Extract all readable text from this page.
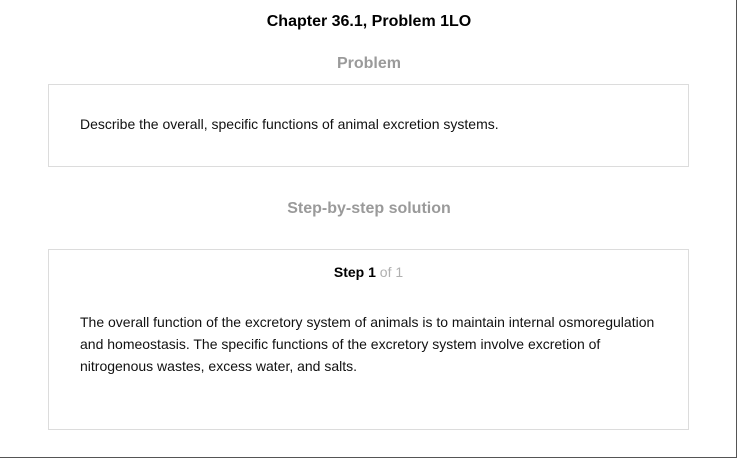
Chapter 36.1, Problem 1LO
Problem
Describe the overall, specific functions of animal excretion systems.
Step-by-step solution
Step 1 of 1
The overall function of the excretory system of animals is to maintain internal osmoregulation and homeostasis. The specific functions of the excretory system involve excretion of nitrogenous wastes, excess water, and salts.
